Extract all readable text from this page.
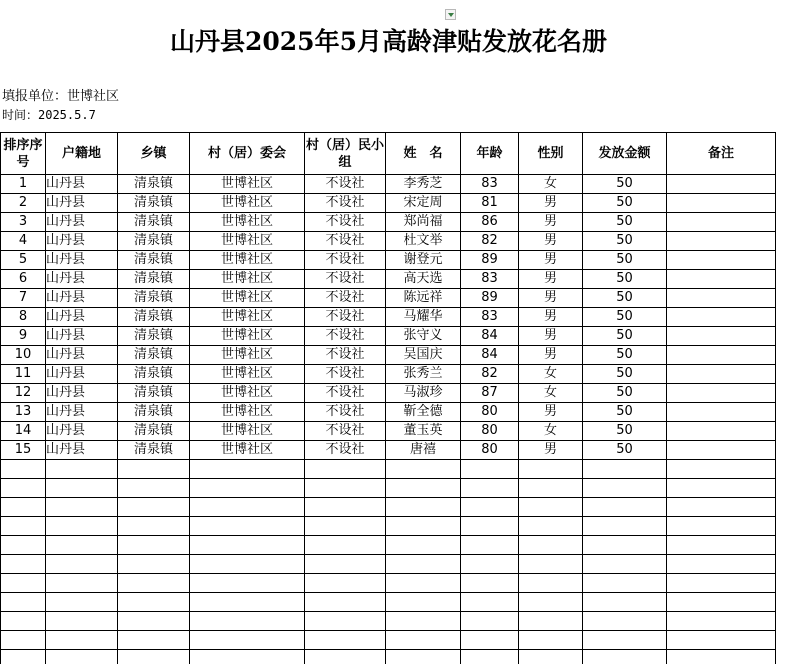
山丹县2025年5月高龄津贴发放花名册
填报单位：世博社区
时间：2025.5.7
排序序号	户籍地	乡镇	村（居）委会	村（居）民小组	姓　名	年龄	性别	发放金额	备注
1	山丹县	清泉镇	世博社区	不设社	李秀芝	83	女	50	
2	山丹县	清泉镇	世博社区	不设社	宋定周	81	男	50	
3	山丹县	清泉镇	世博社区	不设社	郑尚福	86	男	50	
4	山丹县	清泉镇	世博社区	不设社	杜文举	82	男	50	
5	山丹县	清泉镇	世博社区	不设社	谢登元	89	男	50	
6	山丹县	清泉镇	世博社区	不设社	高天选	83	男	50	
7	山丹县	清泉镇	世博社区	不设社	陈远祥	89	男	50	
8	山丹县	清泉镇	世博社区	不设社	马耀华	83	男	50	
9	山丹县	清泉镇	世博社区	不设社	张守义	84	男	50	
10	山丹县	清泉镇	世博社区	不设社	吴国庆	84	男	50	
11	山丹县	清泉镇	世博社区	不设社	张秀兰	82	女	50	
12	山丹县	清泉镇	世博社区	不设社	马淑珍	87	女	50	
13	山丹县	清泉镇	世博社区	不设社	靳全德	80	男	50	
14	山丹县	清泉镇	世博社区	不设社	董玉英	80	女	50	
15	山丹县	清泉镇	世博社区	不设社	唐禧	80	男	50	
